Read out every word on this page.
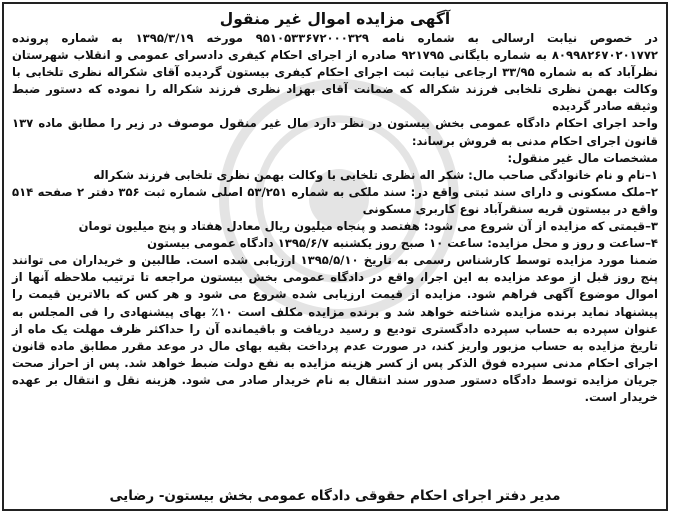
آگهی مزایده اموال غیر منقول

در خصوص نیابت ارسالی به شماره نامه ۹۵۱۰۵۳۳۶۷۲۰۰۰۳۲۹ مورخه ۱۳۹۵/۳/۱۹ به شماره پرونده ۸۰۹۹۸۲۶۷۰۲۰۱۷۷۲ به شماره بایگانی ۹۲۱۷۹۵ صادره از اجرای احکام کیفری دادسرای عمومی و انقلاب شهرستان نظرآباد که به شماره ۳۳/۹۵ ارجاعی نیابت ثبت اجرای احکام کیفری بیستون گردیده آقای شکراله نظری تلخابی با وکالت بهمن نظری تلخابی فرزند شکراله که ضمانت آقای بهزاد نظری فرزند شکراله را نموده که دستور ضبط وثیقه صادر گردیده

واحد اجرای احکام دادگاه عمومی بخش بیستون در نظر دارد مال غیر منقول موصوف در زیر را مطابق ماده ۱۳۷ قانون اجرای احکام مدنی به فروش برساند:

مشخصات مال غیر منقول:

۱–نام و نام خانوادگی صاحب مال: شکر اله نظری تلخابی با وکالت بهمن نظری تلخابی فرزند شکراله

۲–ملک مسکونی و دارای سند ثبتی واقع در: سند ملکی به شماره ۵۳/۲۵۱ اصلی شماره ثبت ۳۵۶ دفتر ۲ صفحه ۵۱۴ واقع در بیستون قریه سنقرآباد نوع کاربری مسکونی

۳–قیمتی که مزایده از آن شروع می شود: هفتصد و پنجاه میلیون ریال معادل هفتاد و پنج میلیون تومان

۴–ساعت و روز و محل مزایده: ساعت ۱۰ صبح روز یکشنبه ۱۳۹۵/۶/۷ دادگاه عمومی بیستون

ضمنا مورد مزایده توسط کارشناس رسمی به تاریخ ۱۳۹۵/۵/۱۰ ارزیابی شده است. طالبین و خریداران می توانند پنج روز قبل از موعد مزایده به این اجرا، واقع در دادگاه عمومی بخش بیستون مراجعه تا ترتیب ملاحظه آنها از اموال موضوع آگهی فراهم شود. مزایده از قیمت ارزیابی شده شروع می شود و هر کس که بالاترین قیمت را پیشنهاد نماید برنده مزایده شناخته خواهد شد و برنده مزایده مکلف است ۱۰٪ بهای پیشنهادی را فی المجلس به عنوان سپرده به حساب سپرده دادگستری تودیع و رسید دریافت و باقیمانده آن را حداکثر ظرف مهلت یک ماه از تاریخ مزایده به حساب مزبور واریز کند، در صورت عدم پرداخت بقیه بهای مال در موعد مقرر مطابق ماده قانون اجرای احکام مدنی سپرده فوق الذکر پس از کسر هزینه مزایده به نفع دولت ضبط خواهد شد. پس از احراز صحت جریان مزایده توسط دادگاه دستور صدور سند انتقال به نام خریدار صادر می شود. هزینه نقل و انتقال بر عهده خریدار است.

مدیر دفتر اجرای احکام حقوقی دادگاه عمومی بخش بیستون- رضایی
